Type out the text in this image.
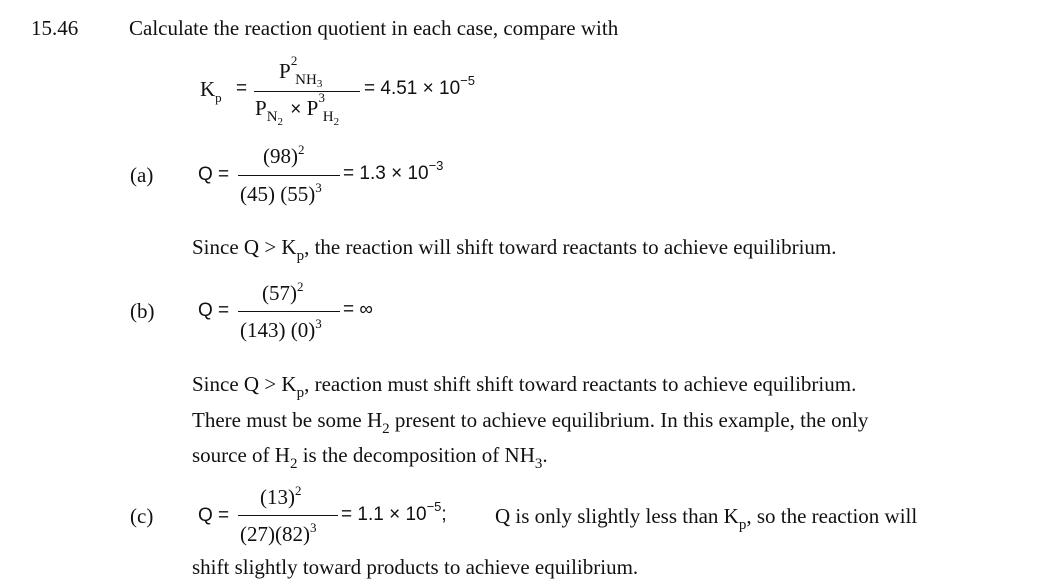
15.46 Calculate the reaction quotient in each case, compare with
$K_p$ =
P 2
$_{NH3}$
$P_{N2} \times P$ 3
$_{H2}$
= $4.51 \times 10^{-5}$
(a) Q =
$(98)^2$
(45) $(55)^3$
= $1.3 \times 10^{-3}$
Since $Q > K_p$, the reaction will shift toward reactants to achieve equilibrium.
(b) Q =
$(57)^2$
(143) $(0)^3$
= ∞
Since $Q > K_p$, reaction must shift shift toward reactants to achieve equilibrium.
There must be some $H_2$ present to achieve equilibrium. In this example, the only
source of $H_2$ is the decomposition of $NH_3$.
(c) Q =
$(13)^2$
$(27)(82)^3$
= $1.1 \times 10^{-5}$; Q is only slightly less than $K_p$, so the reaction will
shift slightly toward products to achieve equilibrium.
